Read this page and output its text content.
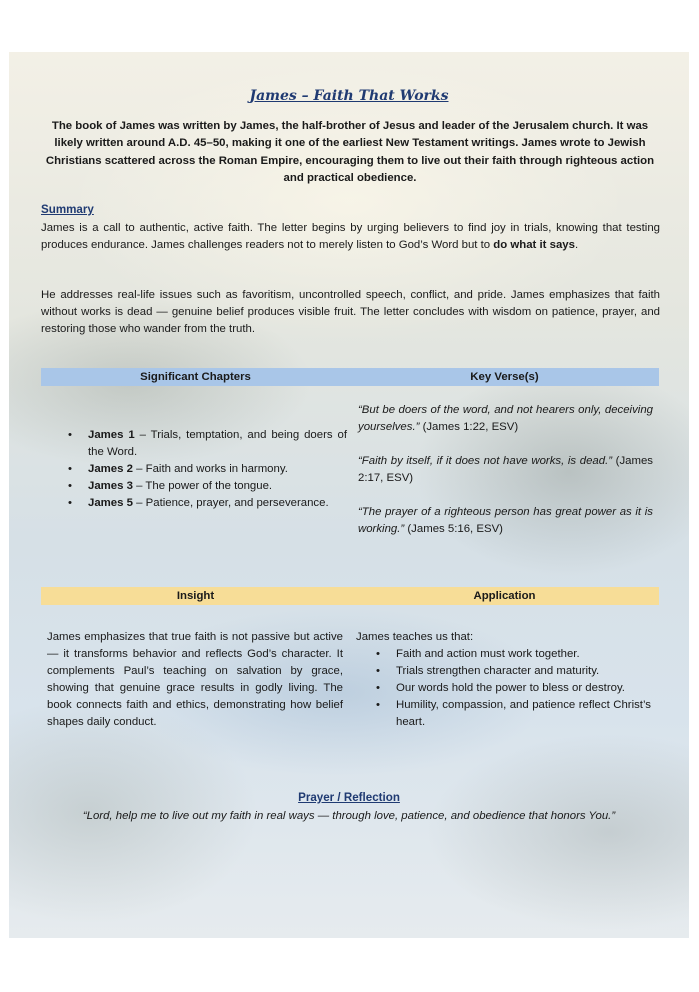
James – Faith That Works
The book of James was written by James, the half-brother of Jesus and leader of the Jerusalem church. It was likely written around A.D. 45–50, making it one of the earliest New Testament writings. James wrote to Jewish Christians scattered across the Roman Empire, encouraging them to live out their faith through righteous action and practical obedience.
Summary
James is a call to authentic, active faith. The letter begins by urging believers to find joy in trials, knowing that testing produces endurance. James challenges readers not to merely listen to God’s Word but to do what it says.
He addresses real-life issues such as favoritism, uncontrolled speech, conflict, and pride. James emphasizes that faith without works is dead — genuine belief produces visible fruit. The letter concludes with wisdom on patience, prayer, and restoring those who wander from the truth.
Significant Chapters	Key Verse(s)
• James 1 – Trials, temptation, and being doers of the Word.
• James 2 – Faith and works in harmony.
• James 3 – The power of the tongue.
• James 5 – Patience, prayer, and perseverance.
“But be doers of the word, and not hearers only, deceiving yourselves.” (James 1:22, ESV)
“Faith by itself, if it does not have works, is dead.” (James 2:17, ESV)
“The prayer of a righteous person has great power as it is working.” (James 5:16, ESV)
Insight	Application
James emphasizes that true faith is not passive but active — it transforms behavior and reflects God’s character. It complements Paul’s teaching on salvation by grace, showing that genuine grace results in godly living. The book connects faith and ethics, demonstrating how belief shapes daily conduct.
James teaches us that:
• Faith and action must work together.
• Trials strengthen character and maturity.
• Our words hold the power to bless or destroy.
• Humility, compassion, and patience reflect Christ’s heart.
Prayer / Reflection
“Lord, help me to live out my faith in real ways — through love, patience, and obedience that honors You.”
